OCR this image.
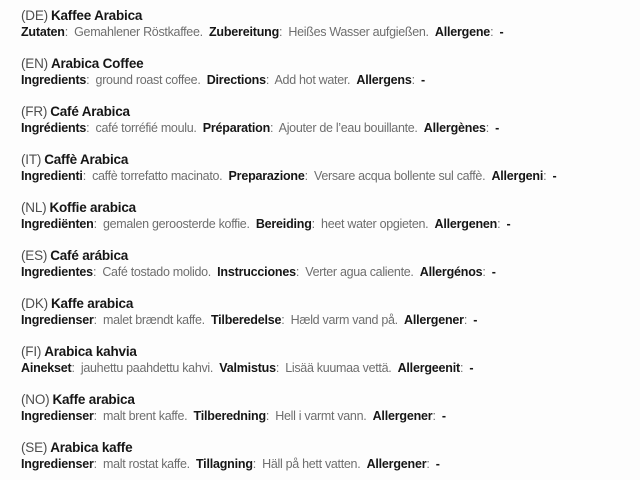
(DE) Kaffee Arabica
Zutaten: Gemahlener Röstkaffee. Zubereitung: Heißes Wasser aufgießen. Allergene: -
(EN) Arabica Coffee
Ingredients: ground roast coffee. Directions: Add hot water. Allergens: -
(FR) Café Arabica
Ingrédients: café torréfié moulu. Préparation: Ajouter de l’eau bouillante. Allergènes: -
(IT) Caffè Arabica
Ingredienti: caffè torrefatto macinato. Preparazione: Versare acqua bollente sul caffè. Allergeni: -
(NL) Koffie arabica
Ingrediënten: gemalen geroosterde koffie. Bereiding: heet water opgieten. Allergenen: -
(ES) Café arábica
Ingredientes: Café tostado molido. Instrucciones: Verter agua caliente. Allergénos: -
(DK) Kaffe arabica
Ingredienser: malet brændt kaffe. Tilberedelse: Hæld varm vand på. Allergener: -
(FI) Arabica kahvia
Ainekset: jauhettu paahdettu kahvi. Valmistus: Lisää kuumaa vettä. Allergeenit: -
(NO) Kaffe arabica
Ingredienser: malt brent kaffe. Tilberedning: Hell i varmt vann. Allergener: -
(SE) Arabica kaffe
Ingredienser: malt rostat kaffe. Tillagning: Häll på hett vatten. Allergener: -
